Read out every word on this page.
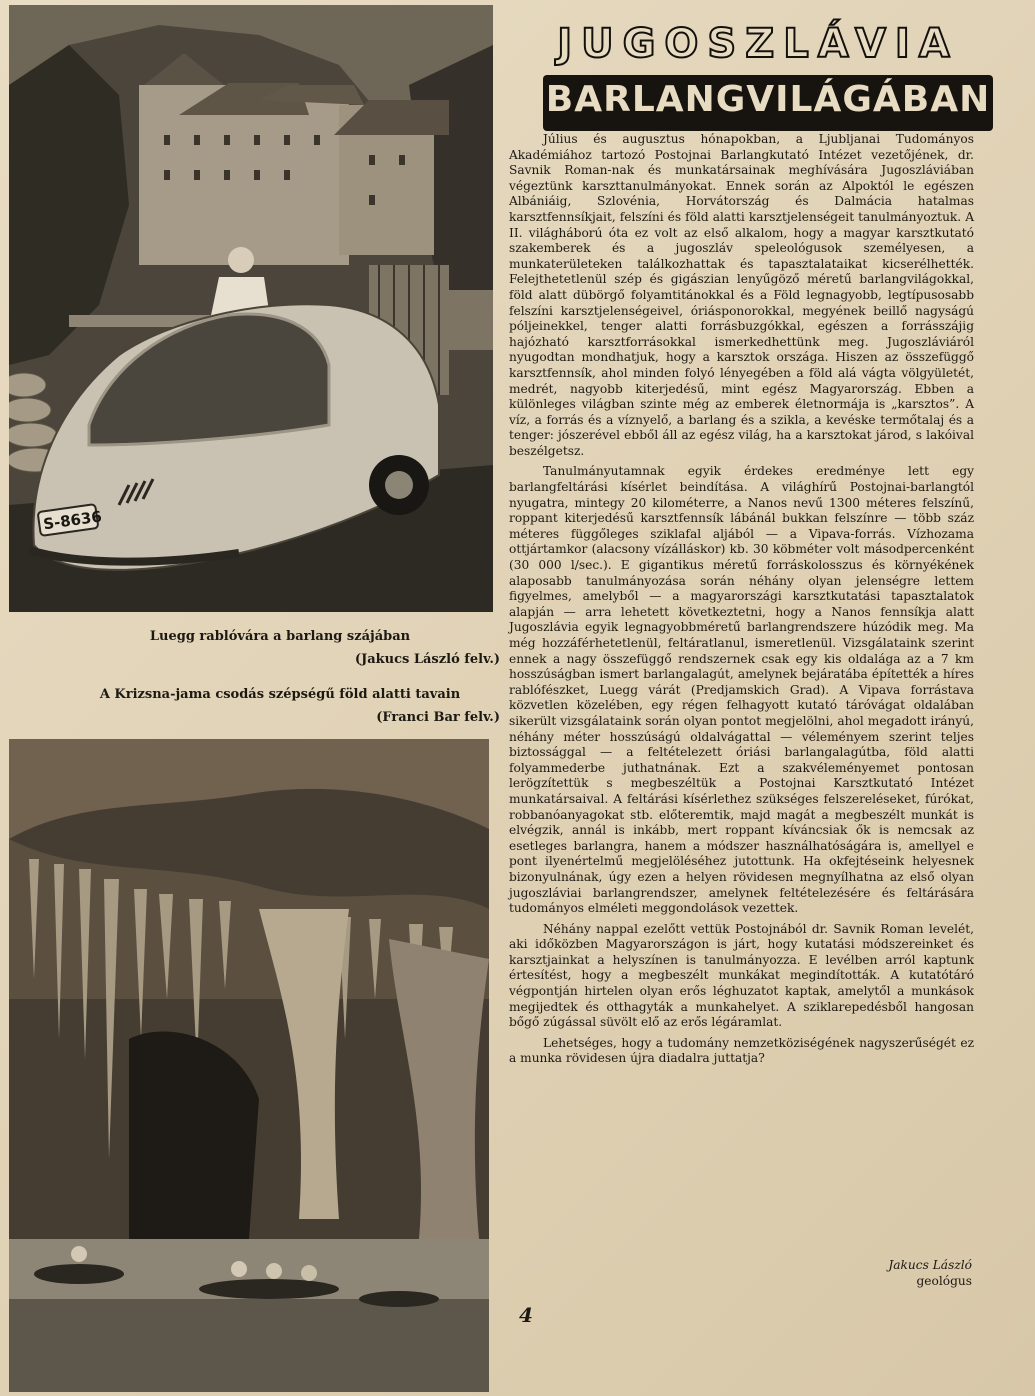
S-8636
Luegg rablóvára a barlang szájában
(Jakucs László felv.)
A Krizsna-jama csodás szépségű föld alatti tavain
(Franci Bar felv.)
JUGOSZLÁVIA
BARLANGVILÁGÁBAN

Július és augusztus hónapokban, a Ljubljanai Tudományos Akadémiához tartozó Postojnai Barlangkutató Intézet vezetőjének, dr. Savnik Roman-nak és munkatársainak meghívására Jugoszláviában végeztünk karszttanulmányokat. Ennek során az Alpoktól le egészen Albániáig, Szlovénia, Horvátország és Dalmácia hatalmas karsztfennsíkjait, felszíni és föld alatti karsztjelenségeit tanulmányoztuk. A II. világháború óta ez volt az első alkalom, hogy a magyar karsztkutató szakemberek és a jugoszláv speleológusok személyesen, a munkaterületeken találkozhattak és tapasztalataikat kicserélhették. Felejthetetlenül szép és gigászian lenyűgöző méretű barlangvilágokkal, föld alatt dübörgő folyamtitánokkal és a Föld legnagyobb, legtípusosabb felszíni karsztjelenségeivel, óriásponorokkal, megyének beillő nagyságú póljeinekkel, tenger alatti forrásbuzgókkal, egészen a forrásszájig hajózható karsztforrásokkal ismerkedhettünk meg. Jugoszláviáról nyugodtan mondhatjuk, hogy a karsztok országa. Hiszen az összefüggő karsztfennsík, ahol minden folyó lényegében a föld alá vágta völgyületét, medrét, nagyobb kiterjedésű, mint egész Magyarország. Ebben a különleges világban szinte még az emberek életnormája is „karsztos”. A víz, a forrás és a víznyelő, a barlang és a szikla, a kevéske termőtalaj és a tenger: jószerével ebből áll az egész világ, ha a karsztokat járod, s lakóival beszélgetsz.

Tanulmányutamnak egyik érdekes eredménye lett egy barlangfeltárási kísérlet beindítása. A világhírű Postojnai-barlangtól nyugatra, mintegy 20 kilométerre, a Nanos nevű 1300 méteres felszínű, roppant kiterjedésű karsztfennsík lábánál bukkan felszínre — több száz méteres függőleges sziklafal aljából — a Vipava-forrás. Vízhozama ottjártamkor (alacsony vízálláskor) kb. 30 köbméter volt másodpercenként (30 000 l/sec.). E gigantikus méretű forráskolosszus és környékének alaposabb tanulmányozása során néhány olyan jelenségre lettem figyelmes, amelyből — a magyarországi karsztkutatási tapasztalatok alapján — arra lehetett következtetni, hogy a Nanos fennsíkja alatt Jugoszlávia egyik legnagyobbméretű barlangrendszere húzódik meg. Ma még hozzáférhetetlenül, feltáratlanul, ismeretlenül. Vizsgálataink szerint ennek a nagy összefüggő rendszernek csak egy kis oldalága az a 7 km hosszúságban ismert barlangalagút, amelynek bejáratába építették a híres rablófészket, Luegg várát (Predjamskich Grad). A Vipava forrástava közvetlen közelében, egy régen felhagyott kutató táróvágat oldalában sikerült vizsgálataink során olyan pontot megjelölni, ahol megadott irányú, néhány méter hosszúságú oldalvágattal — véleményem szerint teljes biztossággal — a feltételezett óriási barlangalagútba, föld alatti folyammederbe juthatnának. Ezt a szakvéleményemet pontosan lerögzítettük s megbeszéltük a Postojnai Karsztkutató Intézet munkatársaival. A feltárási kísérlethez szükséges felszereléseket, fúrókat, robbanóanyagokat stb. előteremtik, majd magát a megbeszélt munkát is elvégzik, annál is inkább, mert roppant kíváncsiak ők is nemcsak az esetleges barlangra, hanem a módszer használhatóságára is, amellyel e pont ilyenértelmű megjelöléséhez jutottunk. Ha okfejtéseink helyesnek bizonyulnának, úgy ezen a helyen rövidesen megnyílhatna az első olyan jugoszláviai barlangrendszer, amelynek feltételezésére és feltárására tudományos elméleti meggondolások vezettek.

Néhány nappal ezelőtt vettük Postojnából dr. Savnik Roman levelét, aki időközben Magyarországon is járt, hogy kutatási módszereinket és karsztjainkat a helyszínen is tanulmányozza. E levélben arról kaptunk értesítést, hogy a megbeszélt munkákat megindították. A kutatótáró végpontján hirtelen olyan erős léghuzatot kaptak, amelytől a munkások megijedtek és otthagyták a munkahelyet. A sziklarepedésből hangosan bőgő zúgással süvölt elő az erős légáramlat.

Lehetséges, hogy a tudomány nemzetköziségének nagyszerűségét ez a munka rövidesen újra diadalra juttatja?

Jakucs László
geológus
4
